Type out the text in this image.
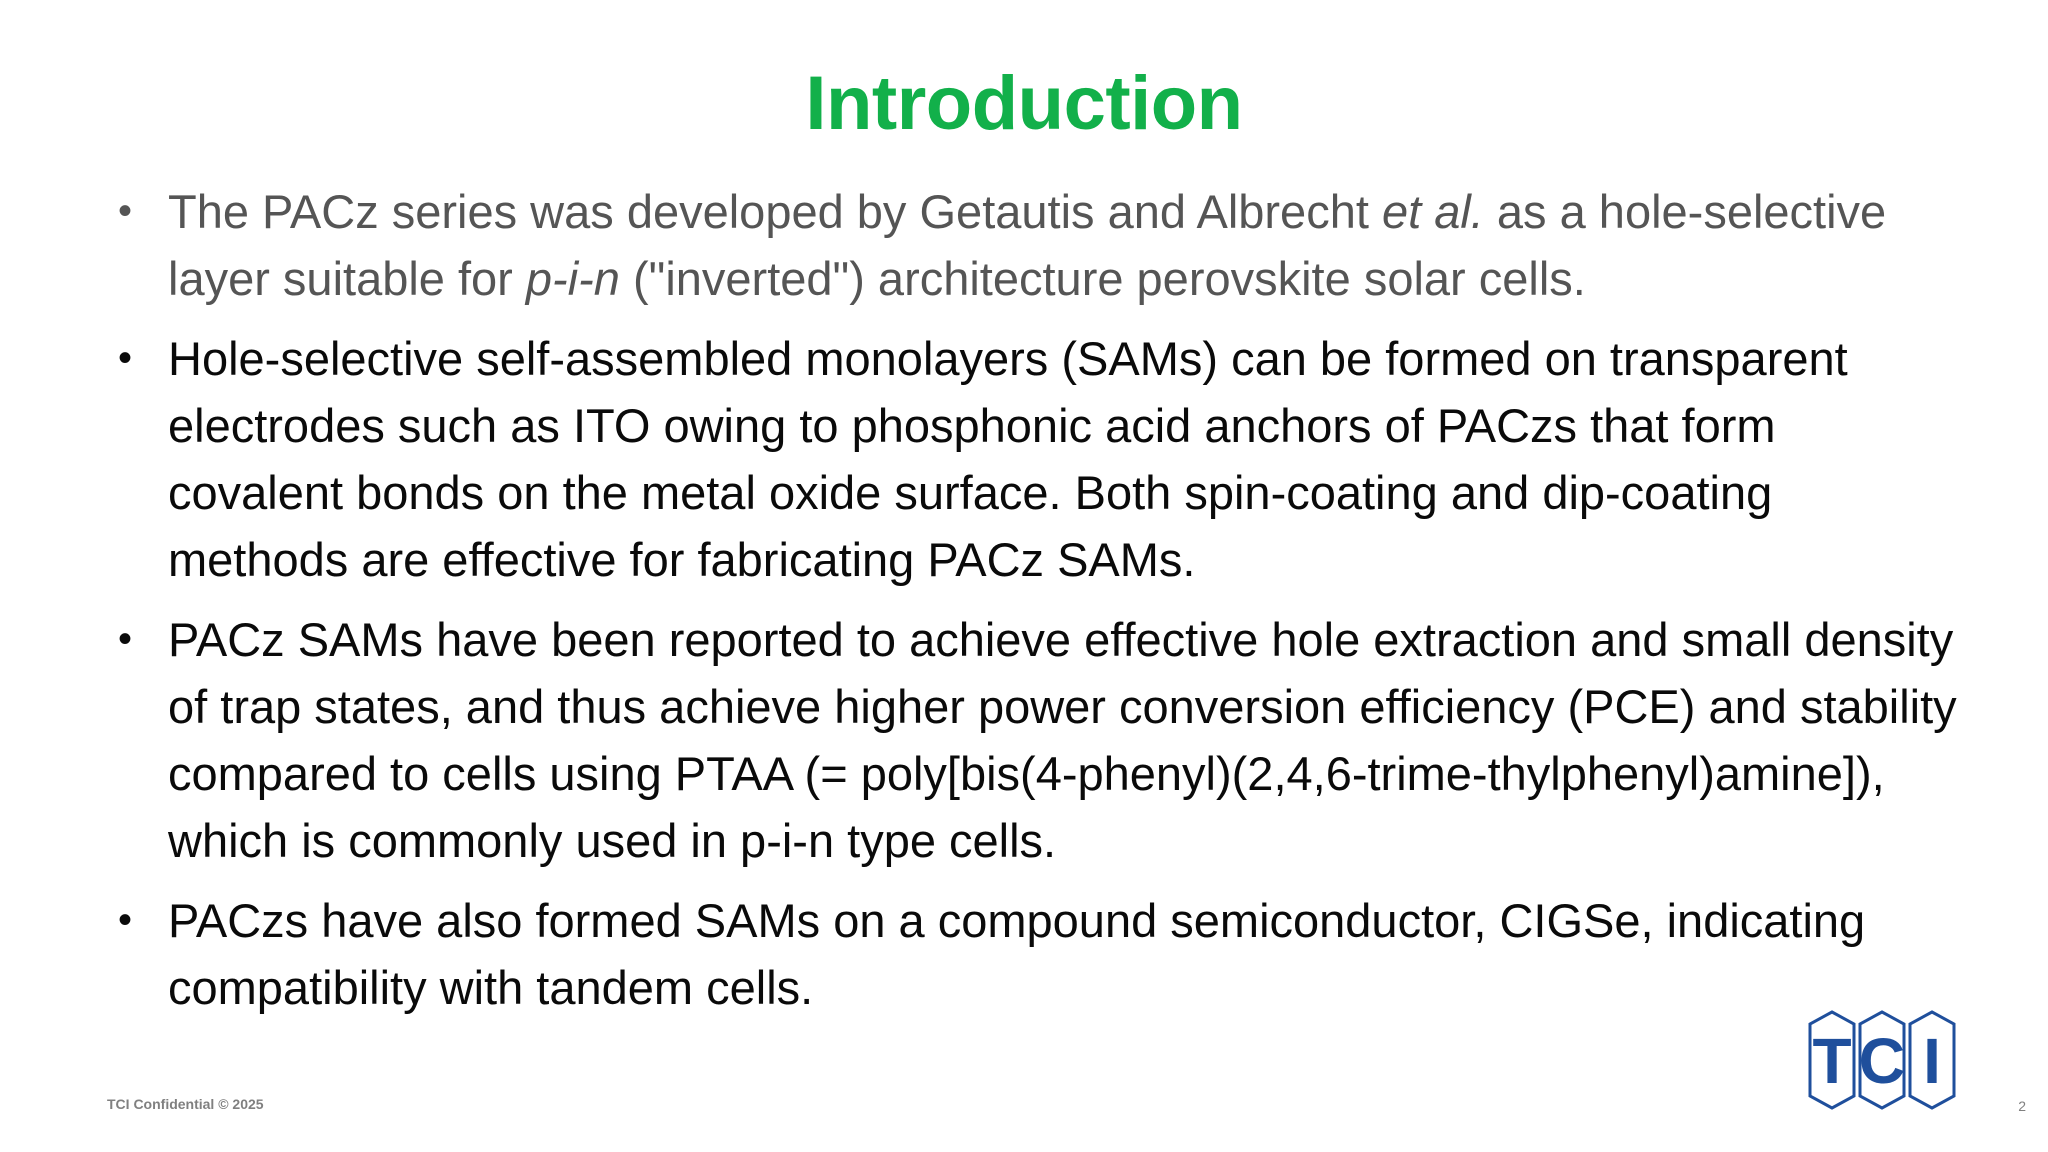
Introduction
• The PACz series was developed by Getautis and Albrecht et al. as a hole-selective layer suitable for p-i-n ("inverted") architecture perovskite solar cells.
• Hole-selective self-assembled monolayers (SAMs) can be formed on transparent electrodes such as ITO owing to phosphonic acid anchors of PACzs that form covalent bonds on the metal oxide surface. Both spin-coating and dip-coating methods are effective for fabricating PACz SAMs.
• PACz SAMs have been reported to achieve effective hole extraction and small density of trap states, and thus achieve higher power conversion efficiency (PCE) and stability compared to cells using PTAA (= poly[bis(4-phenyl)(2,4,6-trime-thylphenyl)amine]), which is commonly used in p-i-n type cells.
• PACzs have also formed SAMs on a compound semiconductor, CIGSe, indicating compatibility with tandem cells.
T C I
TCI Confidential © 2025	2
